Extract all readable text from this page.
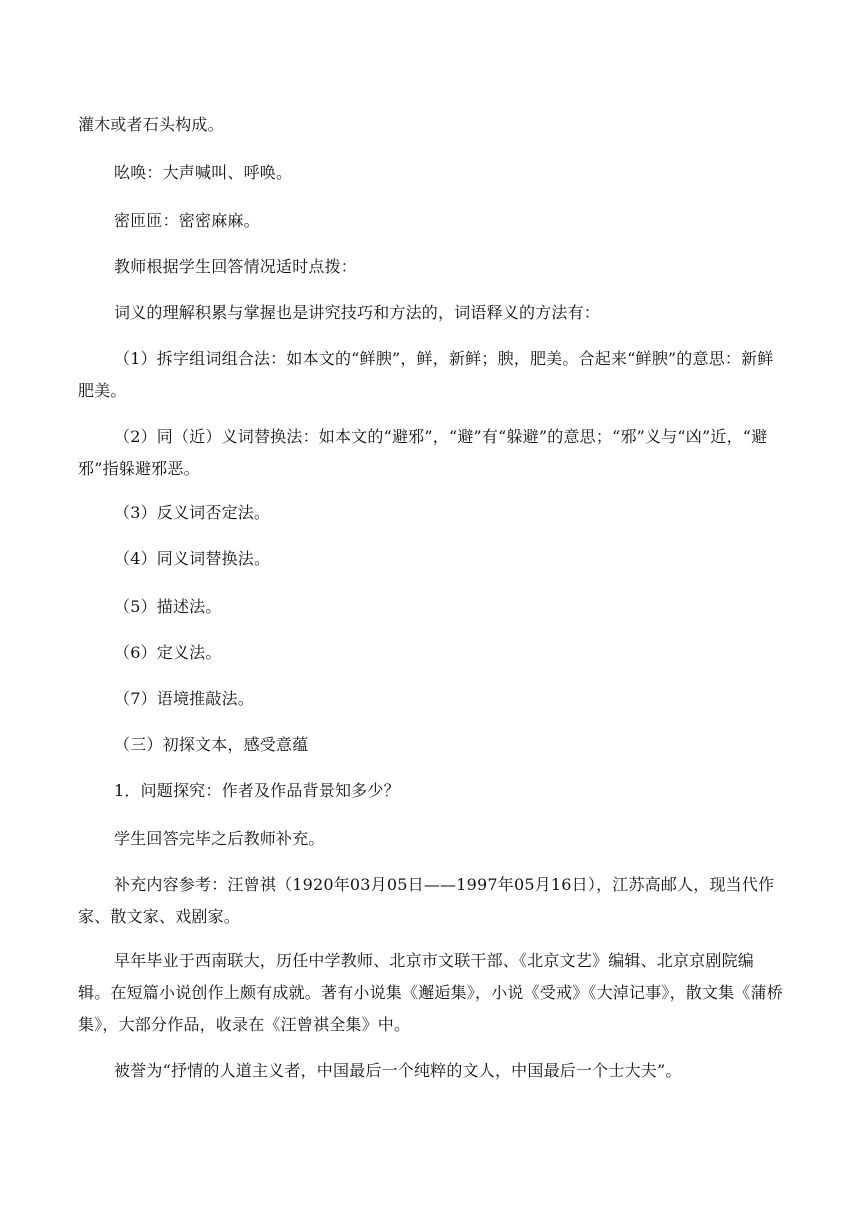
灌木或者石头构成。

吆唤：大声喊叫、呼唤。

密匝匝：密密麻麻。

教师根据学生回答情况适时点拨：

词义的理解积累与掌握也是讲究技巧和方法的，词语释义的方法有：

（1）拆字组词组合法：如本文的“鲜腴”，鲜，新鲜；腴，肥美。合起来“鲜腴”的意思：新鲜肥美。

（2）同（近）义词替换法：如本文的“避邪”，“避”有“躲避”的意思；“邪”义与“凶”近，“避邪”指躲避邪恶。

（3）反义词否定法。

（4）同义词替换法。

（5）描述法。

（6）定义法。

（7）语境推敲法。

（三）初探文本，感受意蕴

1．问题探究：作者及作品背景知多少？

学生回答完毕之后教师补充。

补充内容参考：汪曾祺（1920年03月05日——1997年05月16日），江苏高邮人，现当代作家、散文家、戏剧家。

早年毕业于西南联大，历任中学教师、北京市文联干部、《北京文艺》编辑、北京京剧院编辑。在短篇小说创作上颇有成就。著有小说集《邂逅集》，小说《受戒》《大淖记事》，散文集《蒲桥集》，大部分作品，收录在《汪曾祺全集》中。

被誉为“抒情的人道主义者，中国最后一个纯粹的文人，中国最后一个士大夫”。
